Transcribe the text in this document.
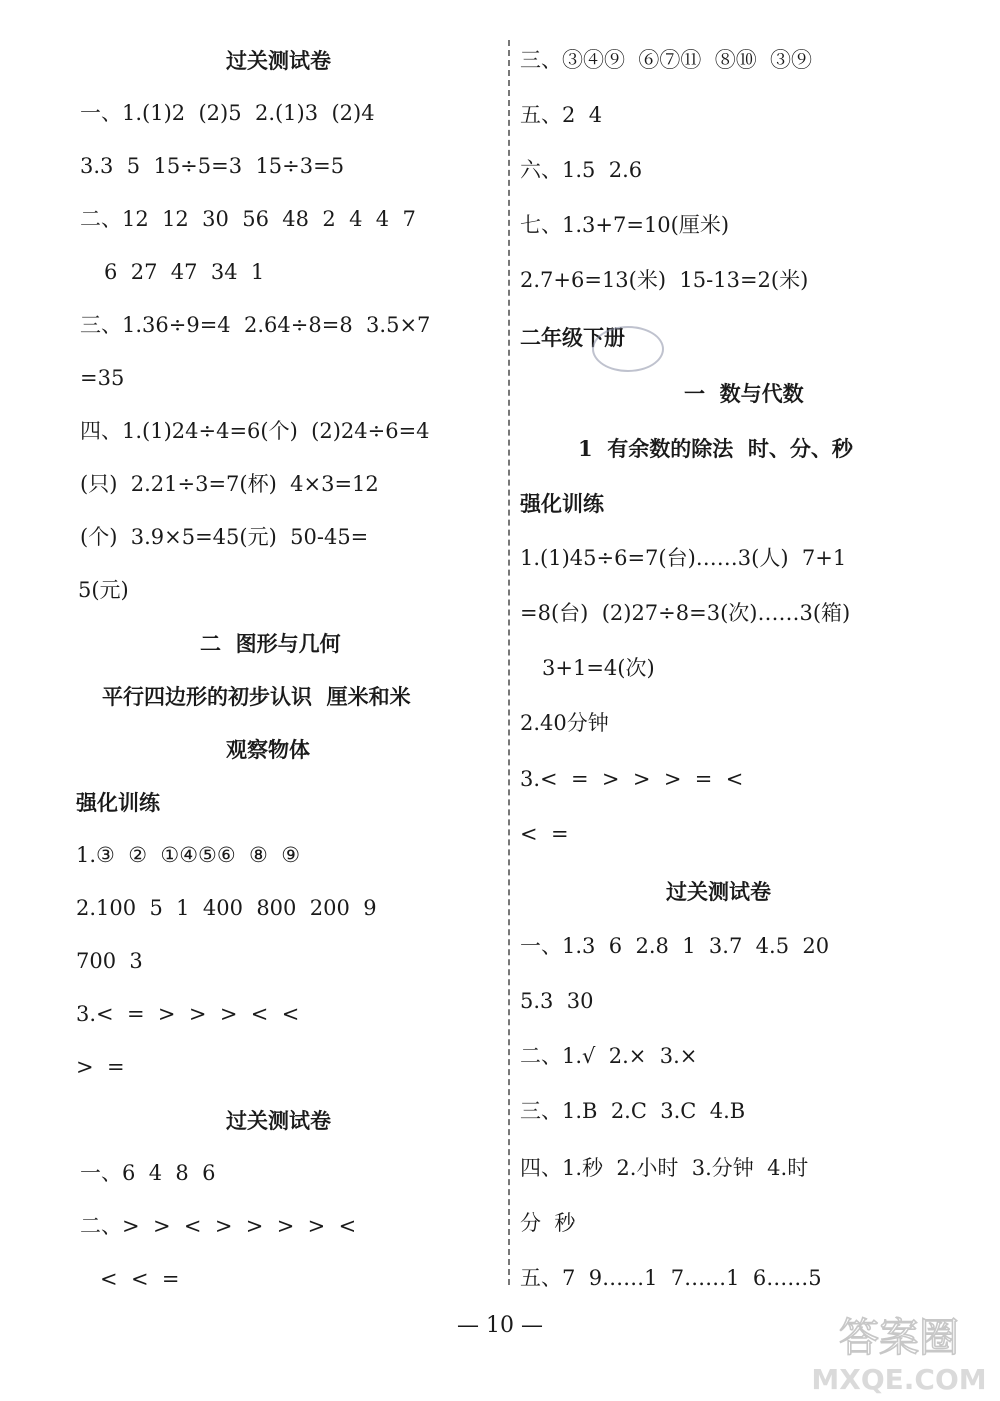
过关测试卷
一、1.(1)2  (2)5  2.(1)3  (2)4
3.3  5  15÷5=3  15÷3=5
二、12  12  30  56  48  2  4  4  7
6  27  47  34  1
三、1.36÷9=4  2.64÷8=8  3.5×7
=35
四、1.(1)24÷4=6(个)  (2)24÷6=4
(只)  2.21÷3=7(杯)  4×3=12
(个)  3.9×5=45(元)  50-45=
5(元)
二  图形与几何
平行四边形的初步认识  厘米和米
观察物体
强化训练
1.③  ②  ①④⑤⑥  ⑧  ⑨
2.100  5  1  400  800  200  9
700  3
3.<  =  >  >  >  <  <
>  =
过关测试卷
一、6  4  8  6
二、>  >  <  >  >  >  >  <
<  <  =
三、③④⑨  ⑥⑦⑪  ⑧⑩  ③⑨
五、2  4
六、1.5  2.6
七、1.3+7=10(厘米)
2.7+6=13(米)  15-13=2(米)
二年级下册
一  数与代数
1  有余数的除法  时、分、秒
强化训练
1.(1)45÷6=7(台)……3(人)  7+1
=8(台)  (2)27÷8=3(次)……3(箱)
3+1=4(次)
2.40分钟
3.<  =  >  >  >  =  <
<  =
过关测试卷
一、1.3  6  2.8  1  3.7  4.5  20
5.3  30
二、1.√  2.×  3.×
三、1.B  2.C  3.C  4.B
四、1.秒  2.小时  3.分钟  4.时
分  秒
五、7  9……1  7……1  6……5
— 10 —	答案圈
MXQE.COM
